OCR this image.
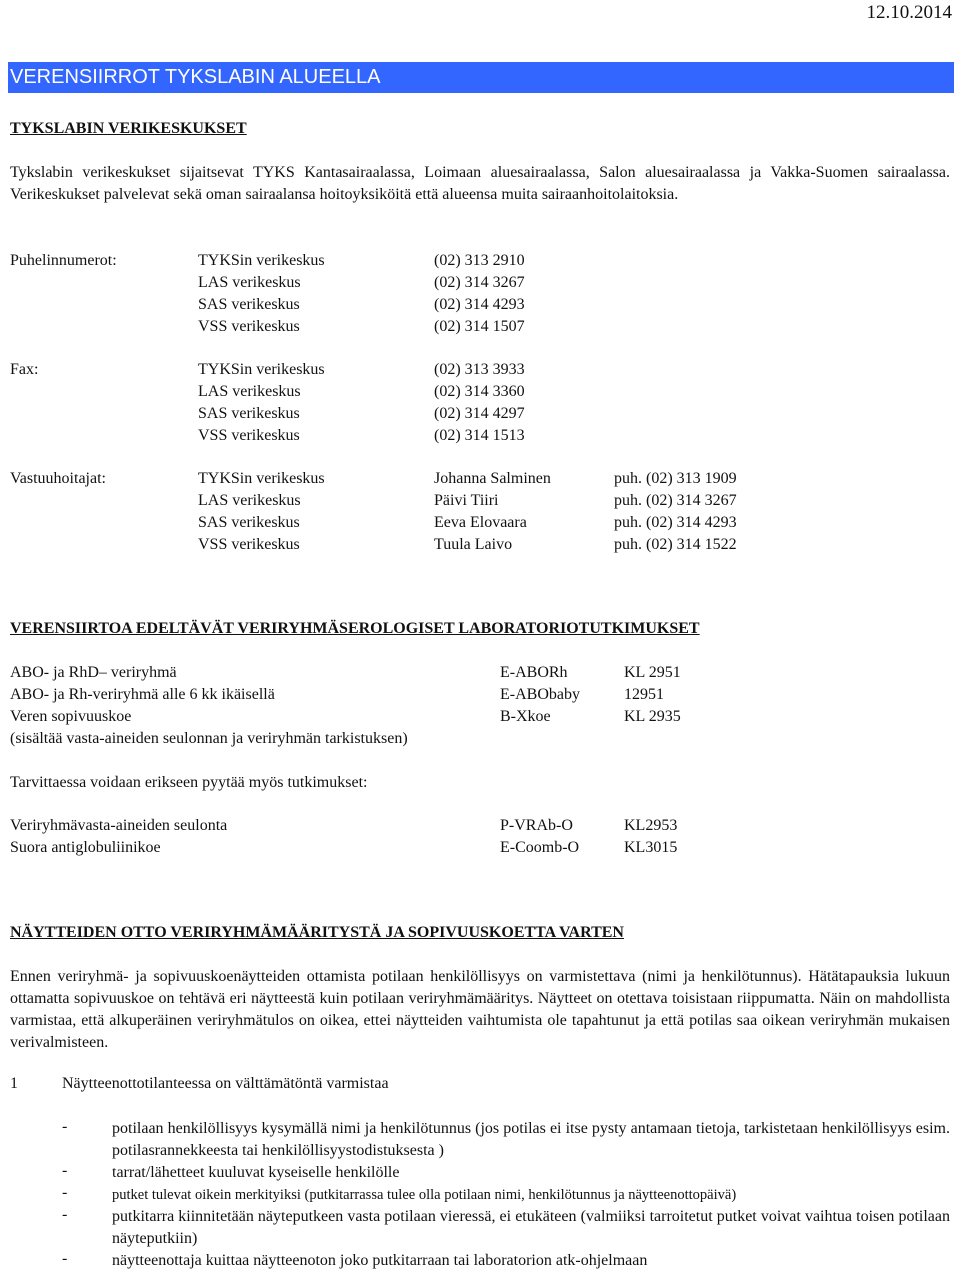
12.10.2014
VERENSIIRROT TYKSLABIN ALUEELLA
TYKSLABIN VERIKESKUKSET
Tykslabin verikeskukset sijaitsevat TYKS Kantasairaalassa, Loimaan aluesairaalassa, Salon aluesairaalassa ja Vakka-Suomen sairaalassa. Verikeskukset palvelevat sekä oman sairaalansa hoitoyksiköitä että alueensa muita sairaanhoitolaitoksia.
Puhelinnumerot:	TYKSin verikeskus	(02) 313 2910
LAS verikeskus	(02) 314 3267
SAS verikeskus	(02) 314 4293
VSS verikeskus	(02) 314 1507
Fax:	TYKSin verikeskus	(02) 313 3933
LAS verikeskus	(02) 314 3360
SAS verikeskus	(02) 314 4297
VSS verikeskus	(02) 314 1513
Vastuuhoitajat:	TYKSin verikeskus	Johanna Salminen	puh. (02) 313 1909
LAS verikeskus	Päivi Tiiri	puh. (02) 314 3267
SAS verikeskus	Eeva Elovaara	puh. (02) 314 4293
VSS verikeskus	Tuula Laivo	puh. (02) 314 1522
VERENSIIRTOA EDELTÄVÄT VERIRYHMÄSEROLOGISET LABORATORIOTUTKIMUKSET
ABO- ja RhD– veriryhmä	E-ABORh	KL 2951
ABO- ja Rh-veriryhmä alle 6 kk ikäisellä	E-ABObaby	12951
Veren sopivuuskoe	B-Xkoe	KL 2935
(sisältää vasta-aineiden seulonnan ja veriryhmän tarkistuksen)
Tarvittaessa voidaan erikseen pyytää myös tutkimukset:
Veriryhmävasta-aineiden seulonta	P-VRAb-O	KL2953
Suora antiglobuliinikoe	E-Coomb-O	KL3015
NÄYTTEIDEN OTTO VERIRYHMÄMÄÄRITYSTÄ JA SOPIVUUSKOETTA VARTEN
Ennen veriryhmä- ja sopivuuskoenäytteiden ottamista potilaan henkilöllisyys on varmistettava (nimi ja henkilötunnus). Hätätapauksia lukuun ottamatta sopivuuskoe on tehtävä eri näytteestä kuin potilaan veriryhmämääritys. Näytteet on otettava toisistaan riippumatta. Näin on mahdollista varmistaa, että alkuperäinen veriryhmätulos on oikea, ettei näytteiden vaihtumista ole tapahtunut ja että potilas saa oikean veriryhmän mukaisen verivalmisteen.
1	Näytteenottotilanteessa on välttämätöntä varmistaa
-	potilaan henkilöllisyys kysymällä nimi ja henkilötunnus (jos potilas ei itse pysty antamaan tietoja, tarkistetaan henkilöllisyys esim. potilasrannekkeesta tai henkilöllisyystodistuksesta )
-	tarrat/lähetteet kuuluvat kyseiselle henkilölle
-	putket tulevat oikein merkityiksi (putkitarrassa tulee olla potilaan nimi, henkilötunnus ja näytteenottopäivä)
-	putkitarra kiinnitetään näyteputkeen vasta potilaan vieressä, ei etukäteen (valmiiksi tarroitetut putket voivat vaihtua toisen potilaan näyteputkiin)
-	näytteenottaja kuittaa näytteenoton joko putkitarraan tai laboratorion atk-ohjelmaan
